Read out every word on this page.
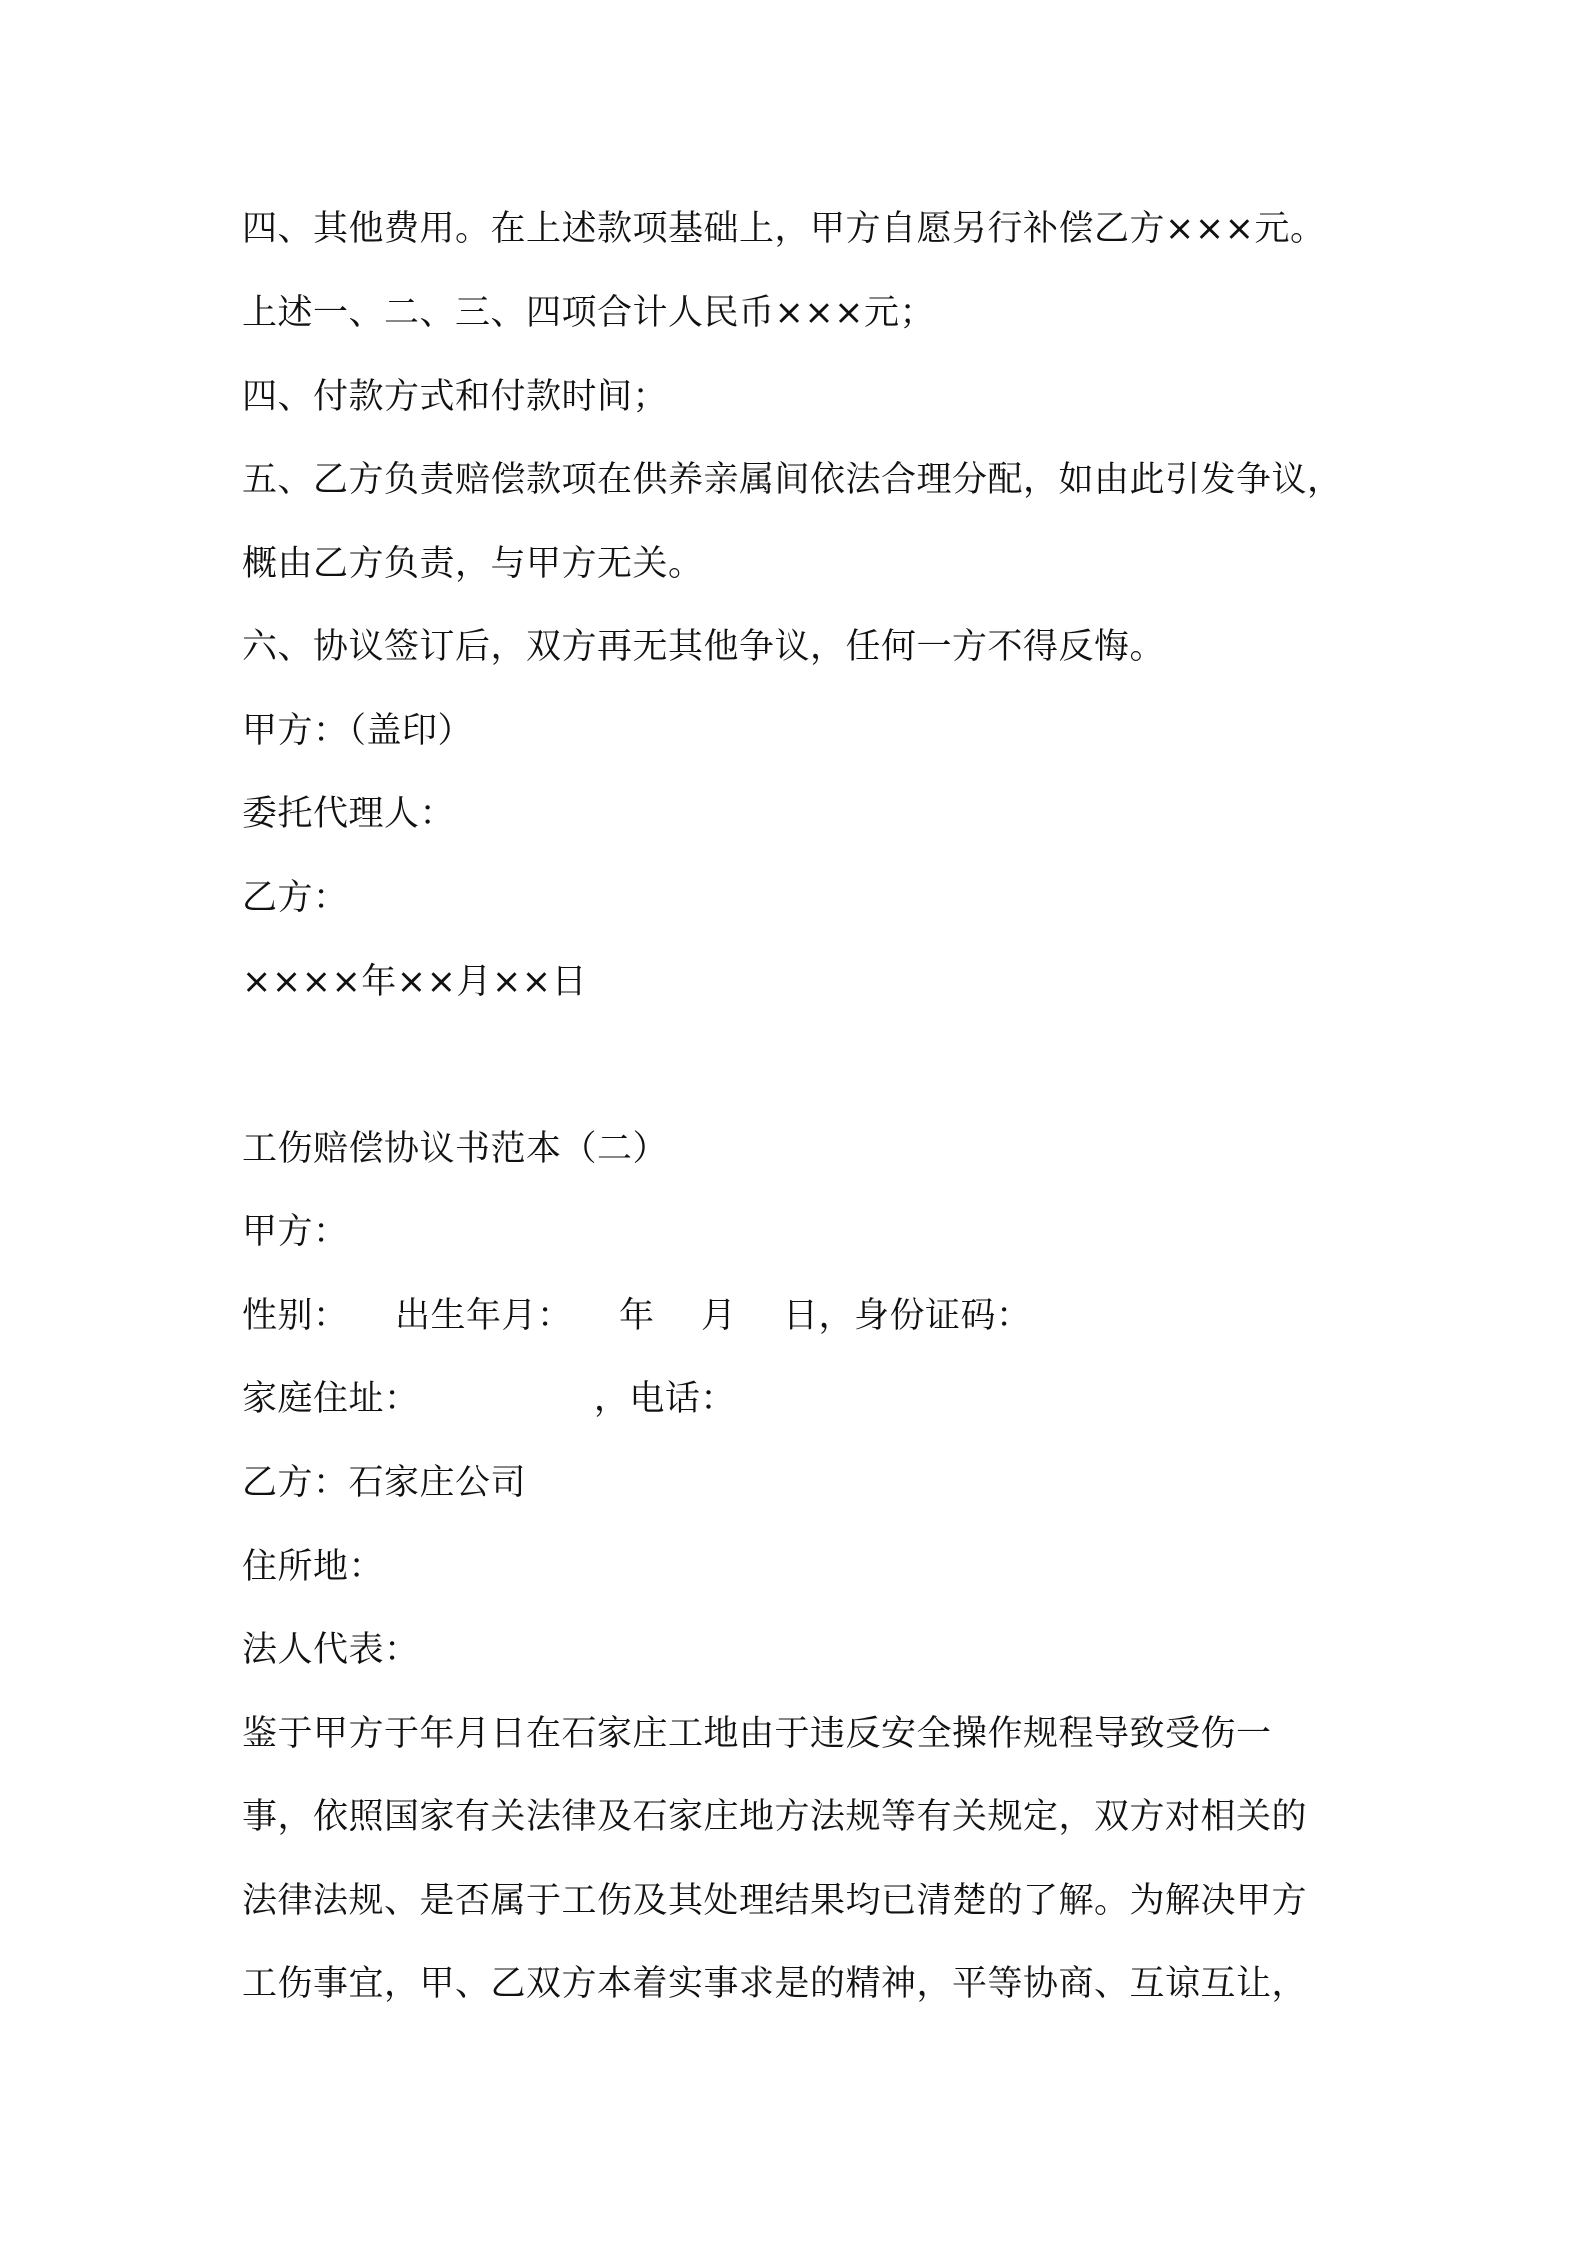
四、其他费用。在上述款项基础上，甲方自愿另行补偿乙方×××元。
上述一、二、三、四项合计人民币×××元；
四、付款方式和付款时间；
五、乙方负责赔偿款项在供养亲属间依法合理分配，如由此引发争议，
概由乙方负责，与甲方无关。
六、协议签订后，双方再无其他争议，任何一方不得反悔。
甲方：（盖印）
委托代理人：
乙方：
××××年××月××日
工伤赔偿协议书范本（二）
甲方：
性别：    出生年月：    年    月    日，身份证码：
家庭住址：               ，电话：
乙方：石家庄公司
住所地：
法人代表：
鉴于甲方于年月日在石家庄工地由于违反安全操作规程导致受伤一
事，依照国家有关法律及石家庄地方法规等有关规定，双方对相关的
法律法规、是否属于工伤及其处理结果均已清楚的了解。为解决甲方
工伤事宜，甲、乙双方本着实事求是的精神，平等协商、互谅互让，
